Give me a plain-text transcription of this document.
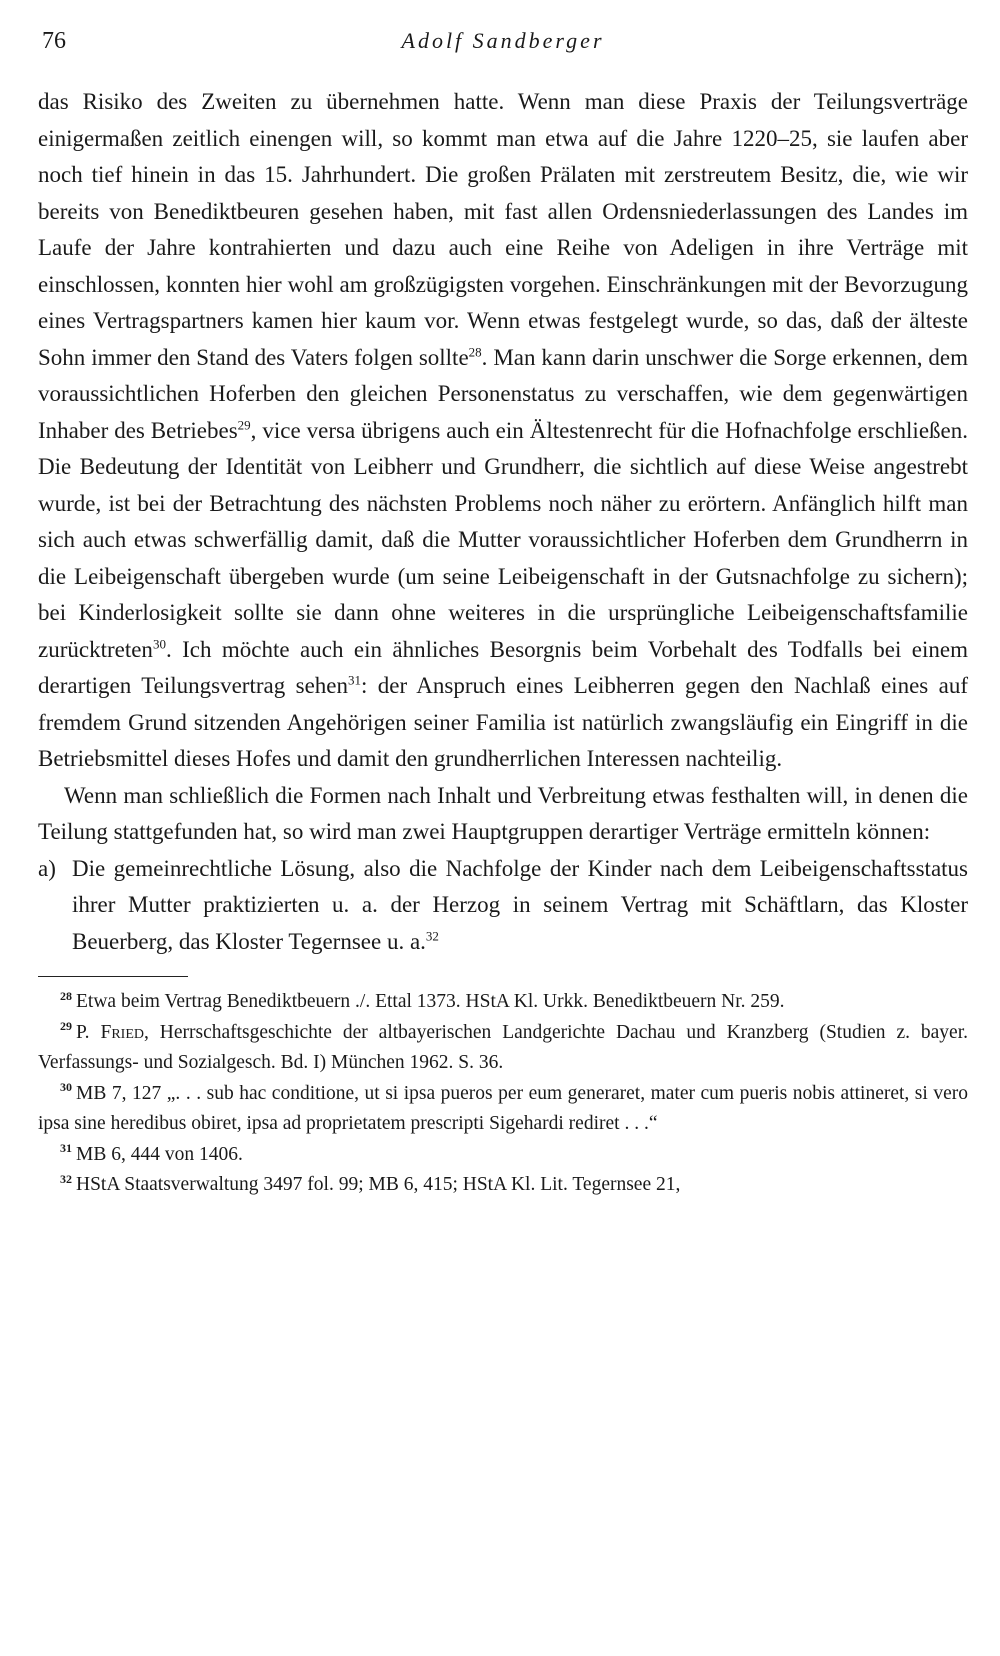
76	Adolf Sandberger

das Risiko des Zweiten zu übernehmen hatte. Wenn man diese Praxis der Teilungsverträge einigermaßen zeitlich einengen will, so kommt man etwa auf die Jahre 1220–25, sie laufen aber noch tief hinein in das 15. Jahrhundert. Die großen Prälaten mit zerstreutem Besitz, die, wie wir bereits von Benediktbeuren gesehen haben, mit fast allen Ordensniederlassungen des Landes im Laufe der Jahre kontrahierten und dazu auch eine Reihe von Adeligen in ihre Verträge mit einschlossen, konnten hier wohl am großzügigsten vorgehen. Einschränkungen mit der Bevorzugung eines Vertragspartners kamen hier kaum vor. Wenn etwas festgelegt wurde, so das, daß der älteste Sohn immer den Stand des Vaters folgen sollte$^{28}$. Man kann darin unschwer die Sorge erkennen, dem voraussichtlichen Hoferben den gleichen Personenstatus zu verschaffen, wie dem gegenwärtigen Inhaber des Betriebes$^{29}$, vice versa übrigens auch ein Ältestenrecht für die Hofnachfolge erschließen. Die Bedeutung der Identität von Leibherr und Grundherr, die sichtlich auf diese Weise angestrebt wurde, ist bei der Betrachtung des nächsten Problems noch näher zu erörtern. Anfänglich hilft man sich auch etwas schwerfällig damit, daß die Mutter voraussichtlicher Hoferben dem Grundherrn in die Leibeigenschaft übergeben wurde (um seine Leibeigenschaft in der Gutsnachfolge zu sichern); bei Kinderlosigkeit sollte sie dann ohne weiteres in die ursprüngliche Leibeigenschaftsfamilie zurücktreten$^{30}$. Ich möchte auch ein ähnliches Besorgnis beim Vorbehalt des Todfalls bei einem derartigen Teilungsvertrag sehen$^{31}$: der Anspruch eines Leibherren gegen den Nachlaß eines auf fremdem Grund sitzenden Angehörigen seiner Familia ist natürlich zwangsläufig ein Eingriff in die Betriebsmittel dieses Hofes und damit den grundherrlichen Interessen nachteilig.

Wenn man schließlich die Formen nach Inhalt und Verbreitung etwas festhalten will, in denen die Teilung stattgefunden hat, so wird man zwei Hauptgruppen derartiger Verträge ermitteln können:

a) Die gemeinrechtliche Lösung, also die Nachfolge der Kinder nach dem Leibeigenschaftsstatus ihrer Mutter praktizierten u. a. der Herzog in seinem Vertrag mit Schäftlarn, das Kloster Beuerberg, das Kloster Tegernsee u. a.$^{32}$

$^{28}$ Etwa beim Vertrag Benediktbeuern ./. Ettal 1373. HStA Kl. Urkk. Benediktbeuern Nr. 259.

$^{29}$ P. Fried, Herrschaftsgeschichte der altbayerischen Landgerichte Dachau und Kranzberg (Studien z. bayer. Verfassungs- und Sozialgesch. Bd. I) München 1962. S. 36.

$^{30}$ MB 7, 127 „. . . sub hac conditione, ut si ipsa pueros per eum generaret, mater cum pueris nobis attineret, si vero ipsa sine heredibus obiret, ipsa ad proprietatem prescripti Sigehardi rediret . . .“

$^{31}$ MB 6, 444 von 1406.

$^{32}$ HStA Staatsverwaltung 3497 fol. 99; MB 6, 415; HStA Kl. Lit. Tegernsee 21,
